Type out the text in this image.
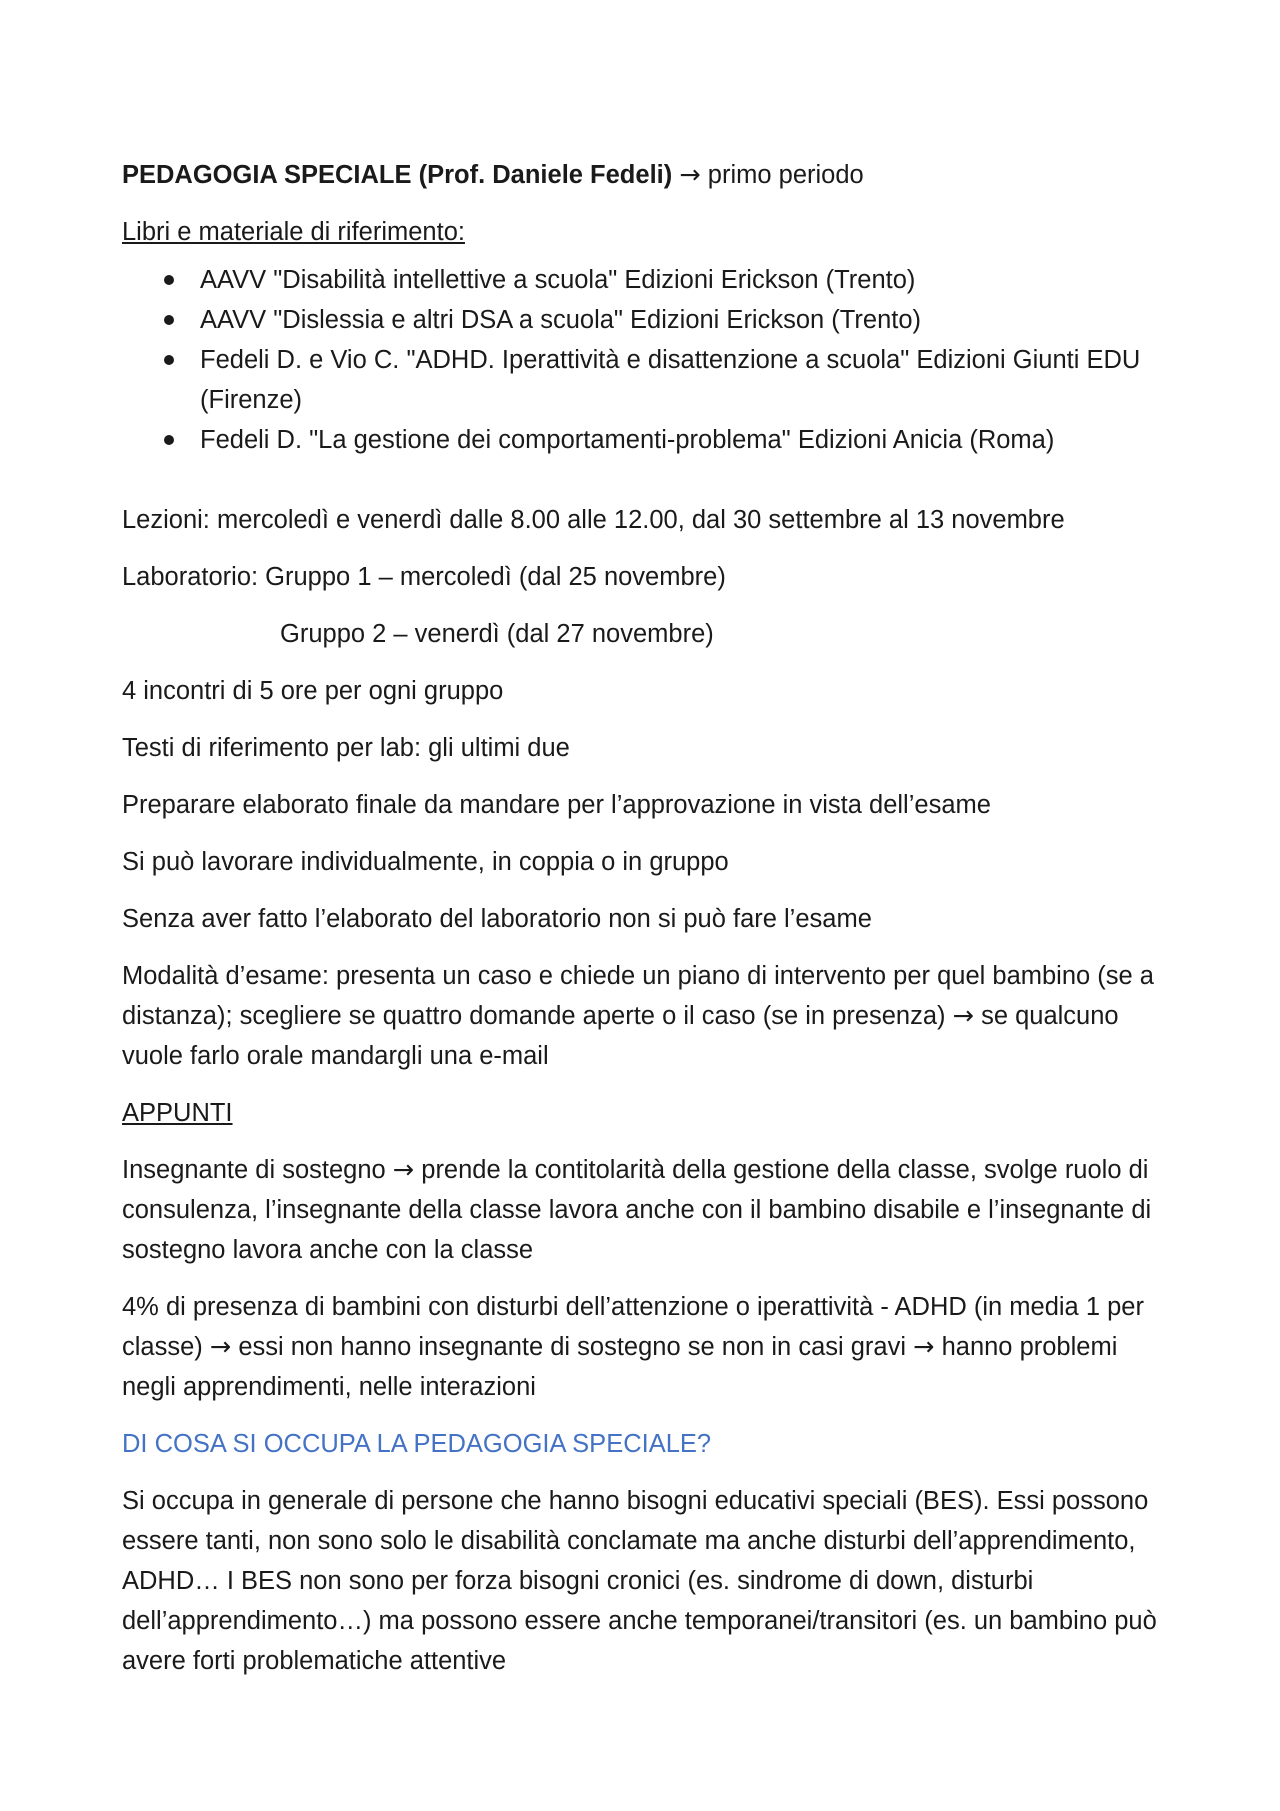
PEDAGOGIA SPECIALE (Prof. Daniele Fedeli) → primo periodo

Libri e materiale di riferimento:

AAVV "Disabilità intellettive a scuola" Edizioni Erickson (Trento)
AAVV "Dislessia e altri DSA a scuola" Edizioni Erickson (Trento)
Fedeli D. e Vio C. "ADHD. Iperattività e disattenzione a scuola" Edizioni Giunti EDU (Firenze)
Fedeli D. "La gestione dei comportamenti-problema" Edizioni Anicia (Roma)

Lezioni: mercoledì e venerdì dalle 8.00 alle 12.00, dal 30 settembre al 13 novembre

Laboratorio: Gruppo 1 – mercoledì (dal 25 novembre)

Gruppo 2 – venerdì (dal 27 novembre)

4 incontri di 5 ore per ogni gruppo

Testi di riferimento per lab: gli ultimi due

Preparare elaborato finale da mandare per l’approvazione in vista dell’esame

Si può lavorare individualmente, in coppia o in gruppo

Senza aver fatto l’elaborato del laboratorio non si può fare l’esame

Modalità d’esame: presenta un caso e chiede un piano di intervento per quel bambino (se a distanza); scegliere se quattro domande aperte o il caso (se in presenza) → se qualcuno vuole farlo orale mandargli una e-mail

APPUNTI

Insegnante di sostegno → prende la contitolarità della gestione della classe, svolge ruolo di consulenza, l’insegnante della classe lavora anche con il bambino disabile e l’insegnante di sostegno lavora anche con la classe

4% di presenza di bambini con disturbi dell’attenzione o iperattività - ADHD (in media 1 per classe) → essi non hanno insegnante di sostegno se non in casi gravi → hanno problemi negli apprendimenti, nelle interazioni

DI COSA SI OCCUPA LA PEDAGOGIA SPECIALE?

Si occupa in generale di persone che hanno bisogni educativi speciali (BES). Essi possono essere tanti, non sono solo le disabilità conclamate ma anche disturbi dell’apprendimento, ADHD… I BES non sono per forza bisogni cronici (es. sindrome di down, disturbi dell’apprendimento…) ma possono essere anche temporanei/transitori (es. un bambino può avere forti problematiche attentive
